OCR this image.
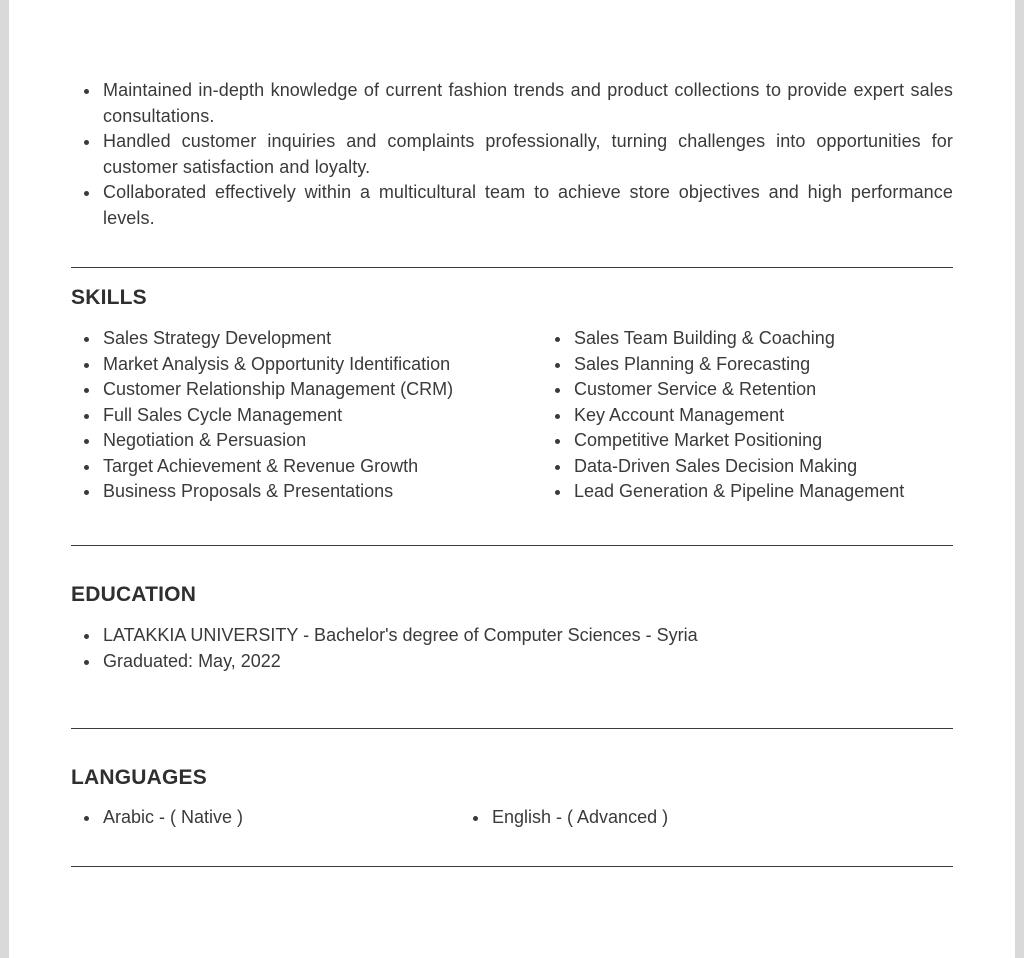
Maintained in-depth knowledge of current fashion trends and product collections to provide expert sales consultations.
Handled customer inquiries and complaints professionally, turning challenges into opportunities for customer satisfaction and loyalty.
Collaborated effectively within a multicultural team to achieve store objectives and high performance levels.
SKILLS
Sales Strategy Development
Market Analysis & Opportunity Identification
Customer Relationship Management (CRM)
Full Sales Cycle Management
Negotiation & Persuasion
Target Achievement & Revenue Growth
Business Proposals & Presentations
Sales Team Building & Coaching
Sales Planning & Forecasting
Customer Service & Retention
Key Account Management
Competitive Market Positioning
Data-Driven Sales Decision Making
Lead Generation & Pipeline Management
EDUCATION
LATAKKIA UNIVERSITY - Bachelor's degree of Computer Sciences - Syria
Graduated: May, 2022
LANGUAGES
Arabic - ( Native )	English - ( Advanced )
